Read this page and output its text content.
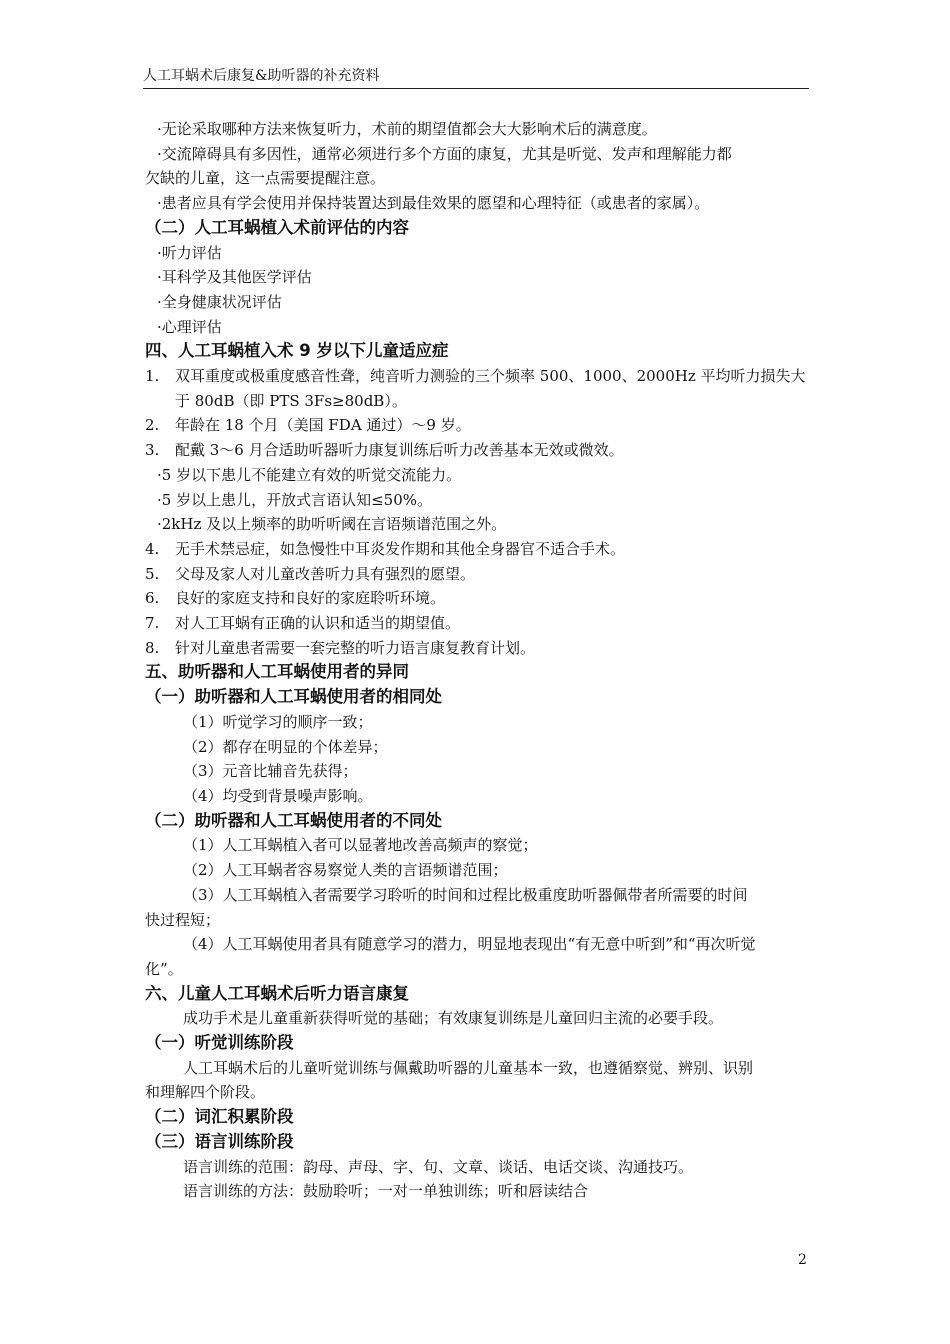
人工耳蜗术后康复&助听器的补充资料

·无论采取哪种方法来恢复听力，术前的期望值都会大大影响术后的满意度。

·交流障碍具有多因性，通常必须进行多个方面的康复，尤其是听觉、发声和理解能力都

欠缺的儿童，这一点需要提醒注意。

·患者应具有学会使用并保持装置达到最佳效果的愿望和心理特征（或患者的家属）。

（二）人工耳蜗植入术前评估的内容

·听力评估

·耳科学及其他医学评估

·全身健康状况评估

·心理评估

四、人工耳蜗植入术 9 岁以下儿童适应症

1.	双耳重度或极重度感音性聋，纯音听力测验的三个频率 500、1000、2000Hz 平均听力损失大于 80dB（即 PTS 3Fs≥80dB）。
2.	年龄在 18 个月（美国 FDA 通过）～9 岁。
3.	配戴 3～6 月合适助听器听力康复训练后听力改善基本无效或微效。

·5 岁以下患儿不能建立有效的听觉交流能力。

·5 岁以上患儿，开放式言语认知≤50%。

·2kHz 及以上频率的助听听阈在言语频谱范围之外。

4.	无手术禁忌症，如急慢性中耳炎发作期和其他全身器官不适合手术。
5.	父母及家人对儿童改善听力具有强烈的愿望。
6.	良好的家庭支持和良好的家庭聆听环境。
7.	对人工耳蜗有正确的认识和适当的期望值。
8.	针对儿童患者需要一套完整的听力语言康复教育计划。

五、助听器和人工耳蜗使用者的异同

（一）助听器和人工耳蜗使用者的相同处

（1）听觉学习的顺序一致；

（2）都存在明显的个体差异；

（3）元音比辅音先获得；

（4）均受到背景噪声影响。

（二）助听器和人工耳蜗使用者的不同处

（1）人工耳蜗植入者可以显著地改善高频声的察觉；

（2）人工耳蜗者容易察觉人类的言语频谱范围；

（3）人工耳蜗植入者需要学习聆听的时间和过程比极重度助听器佩带者所需要的时间

快过程短；

（4）人工耳蜗使用者具有随意学习的潜力，明显地表现出“有无意中听到”和“再次听觉

化”。

六、儿童人工耳蜗术后听力语言康复

成功手术是儿童重新获得听觉的基础；有效康复训练是儿童回归主流的必要手段。

（一）听觉训练阶段

人工耳蜗术后的儿童听觉训练与佩戴助听器的儿童基本一致，也遵循察觉、辨别、识别

和理解四个阶段。

（二）词汇积累阶段

（三）语言训练阶段

语言训练的范围：韵母、声母、字、句、文章、谈话、电话交谈、沟通技巧。

语言训练的方法：鼓励聆听；一对一单独训练；听和唇读结合

2
